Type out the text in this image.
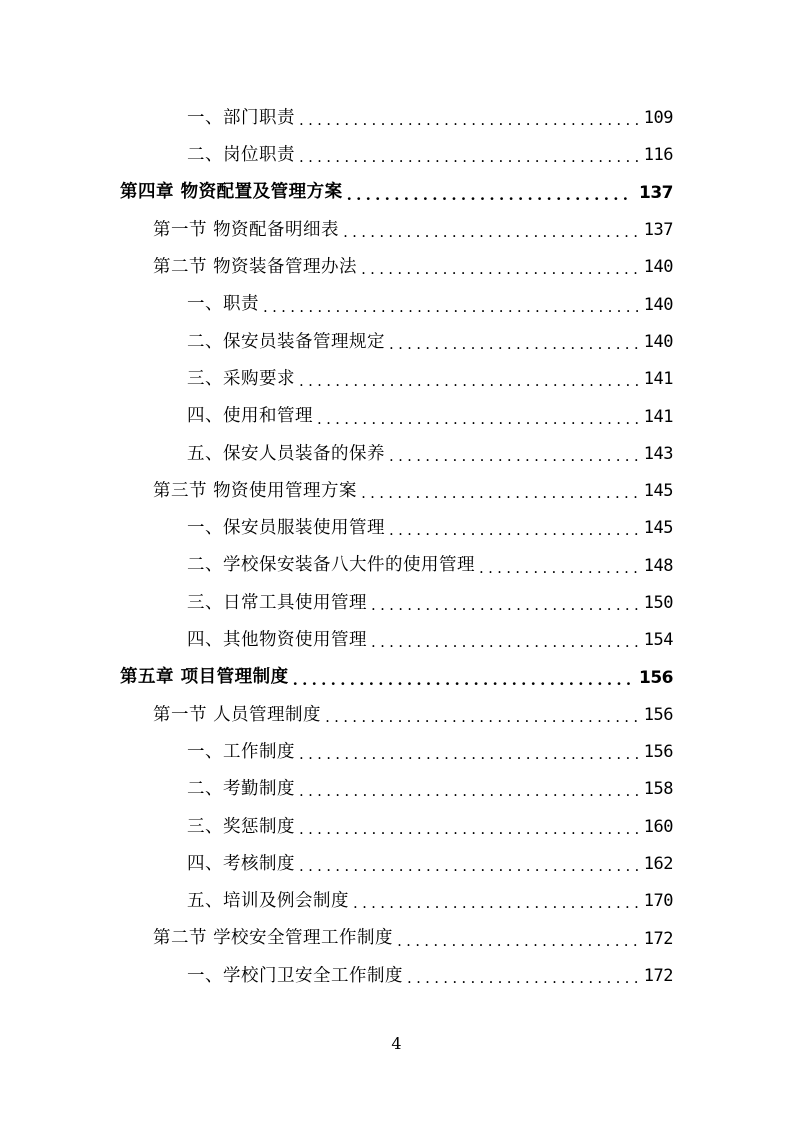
一、部门职责 .....	109
二、岗位职责 .....	116
第四章 物资配置及管理方案 .....	137
第一节 物资配备明细表 .....	137
第二节 物资装备管理办法 .....	140
一、职责 .....	140
二、保安员装备管理规定 .....	140
三、采购要求 .....	141
四、使用和管理 .....	141
五、保安人员装备的保养 .....	143
第三节 物资使用管理方案 .....	145
一、保安员服装使用管理 .....	145
二、学校保安装备八大件的使用管理 .....	148
三、日常工具使用管理 .....	150
四、其他物资使用管理 .....	154
第五章 项目管理制度 .....	156
第一节 人员管理制度 .....	156
一、工作制度 .....	156
二、考勤制度 .....	158
三、奖惩制度 .....	160
四、考核制度 .....	162
五、培训及例会制度 .....	170
第二节 学校安全管理工作制度 .....	172
一、学校门卫安全工作制度 .....	172
4
